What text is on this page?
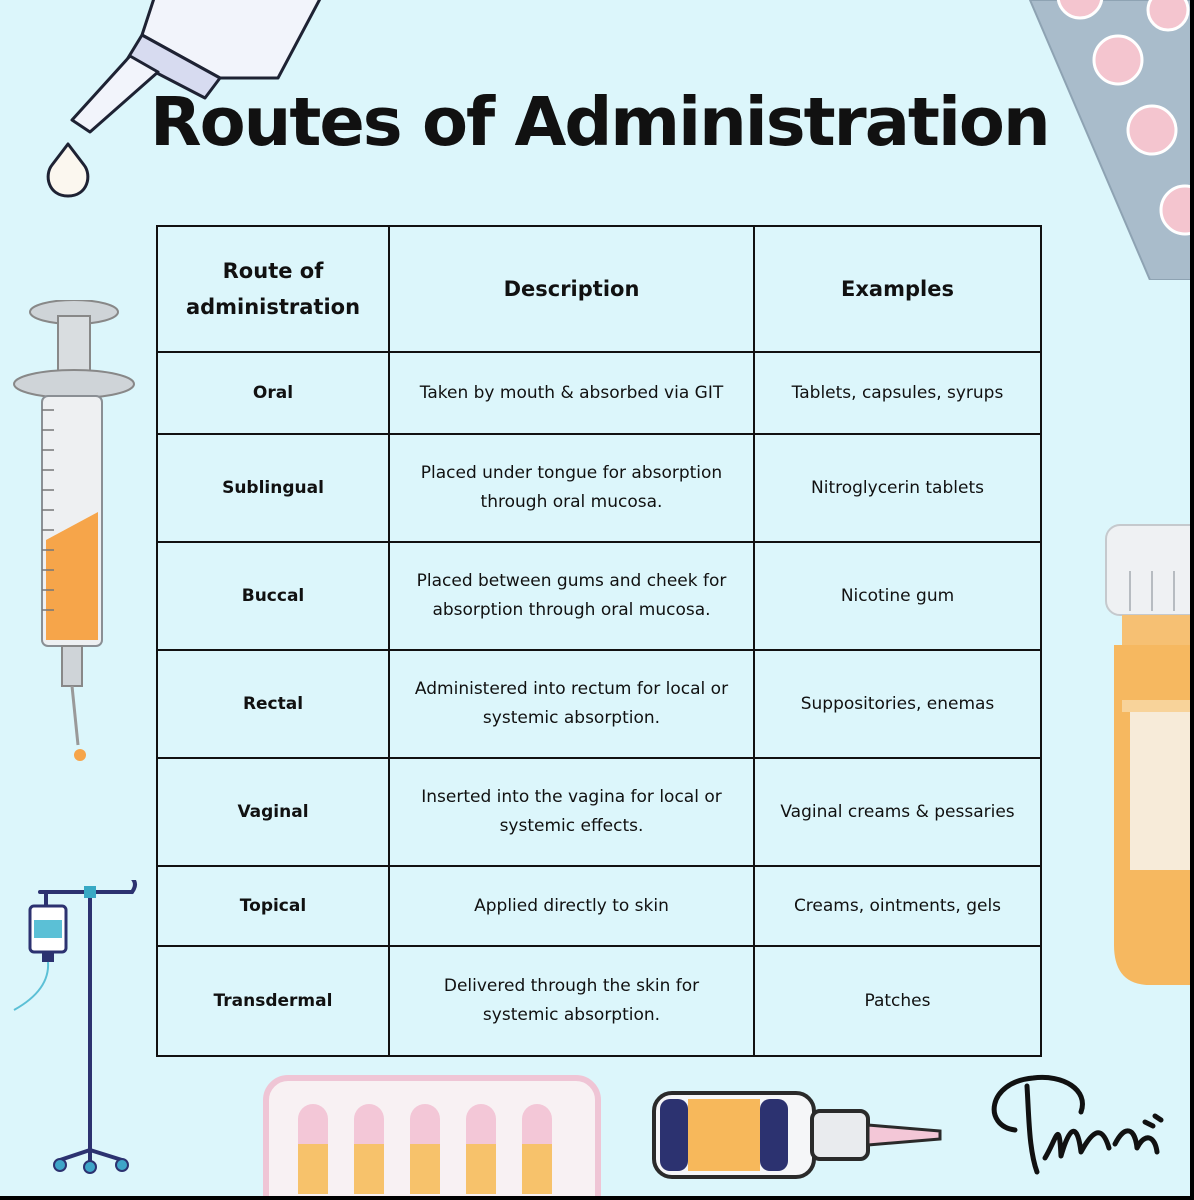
Routes of Administration
Route of administration	Description	Examples
Oral	Taken by mouth & absorbed via GIT	Tablets, capsules, syrups
Sublingual	Placed under tongue for absorption through oral mucosa.	Nitroglycerin tablets
Buccal	Placed between gums and cheek for absorption through oral mucosa.	Nicotine gum
Rectal	Administered into rectum for local or systemic absorption.	Suppositories, enemas
Vaginal	Inserted into the vagina for local or systemic effects.	Vaginal creams & pessaries
Topical	Applied directly to skin	Creams, ointments, gels
Transdermal	Delivered through the skin for systemic absorption.	Patches
